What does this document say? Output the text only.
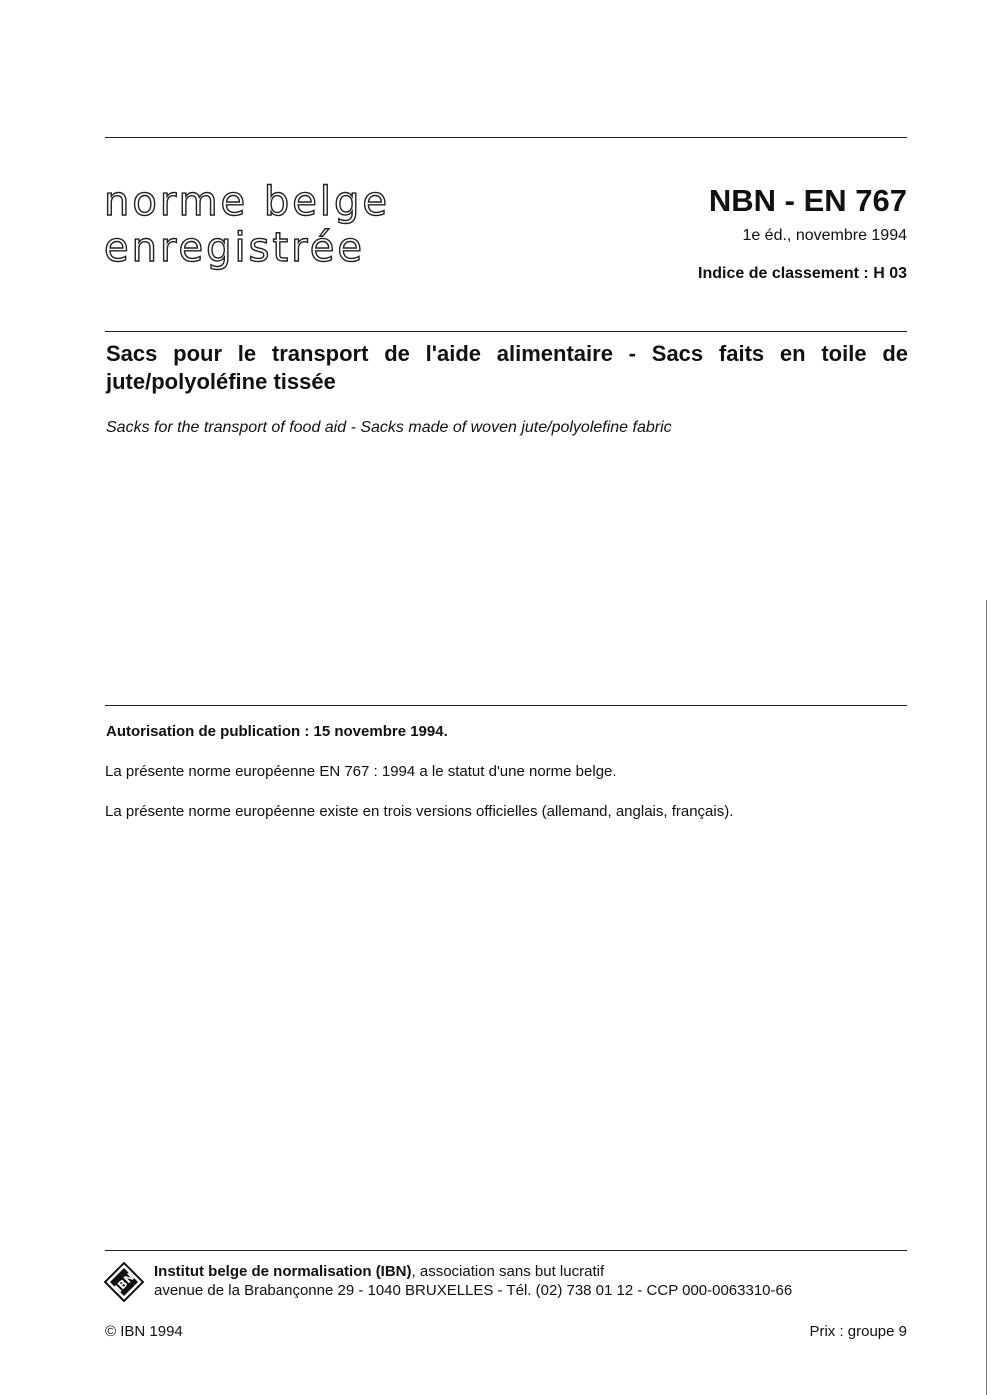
norme belge
enregistrée
NBN - EN 767
1e éd., novembre 1994
Indice de classement : H 03
Sacs pour le transport de l'aide alimentaire - Sacs faits en toile de jute/polyoléfine tissée
Sacks for the transport of food aid - Sacks made of woven jute/polyolefine fabric
Autorisation de publication : 15 novembre 1994.
La présente norme européenne EN 767 : 1994 a le statut d'une norme belge.
La présente norme européenne existe en trois versions officielles (allemand, anglais, français).
IBN Institut belge de normalisation (IBN), association sans but lucratif
avenue de la Brabançonne 29 - 1040 BRUXELLES - Tél. (02) 738 01 12 - CCP 000-0063310-66
© IBN 1994	Prix : groupe 9
